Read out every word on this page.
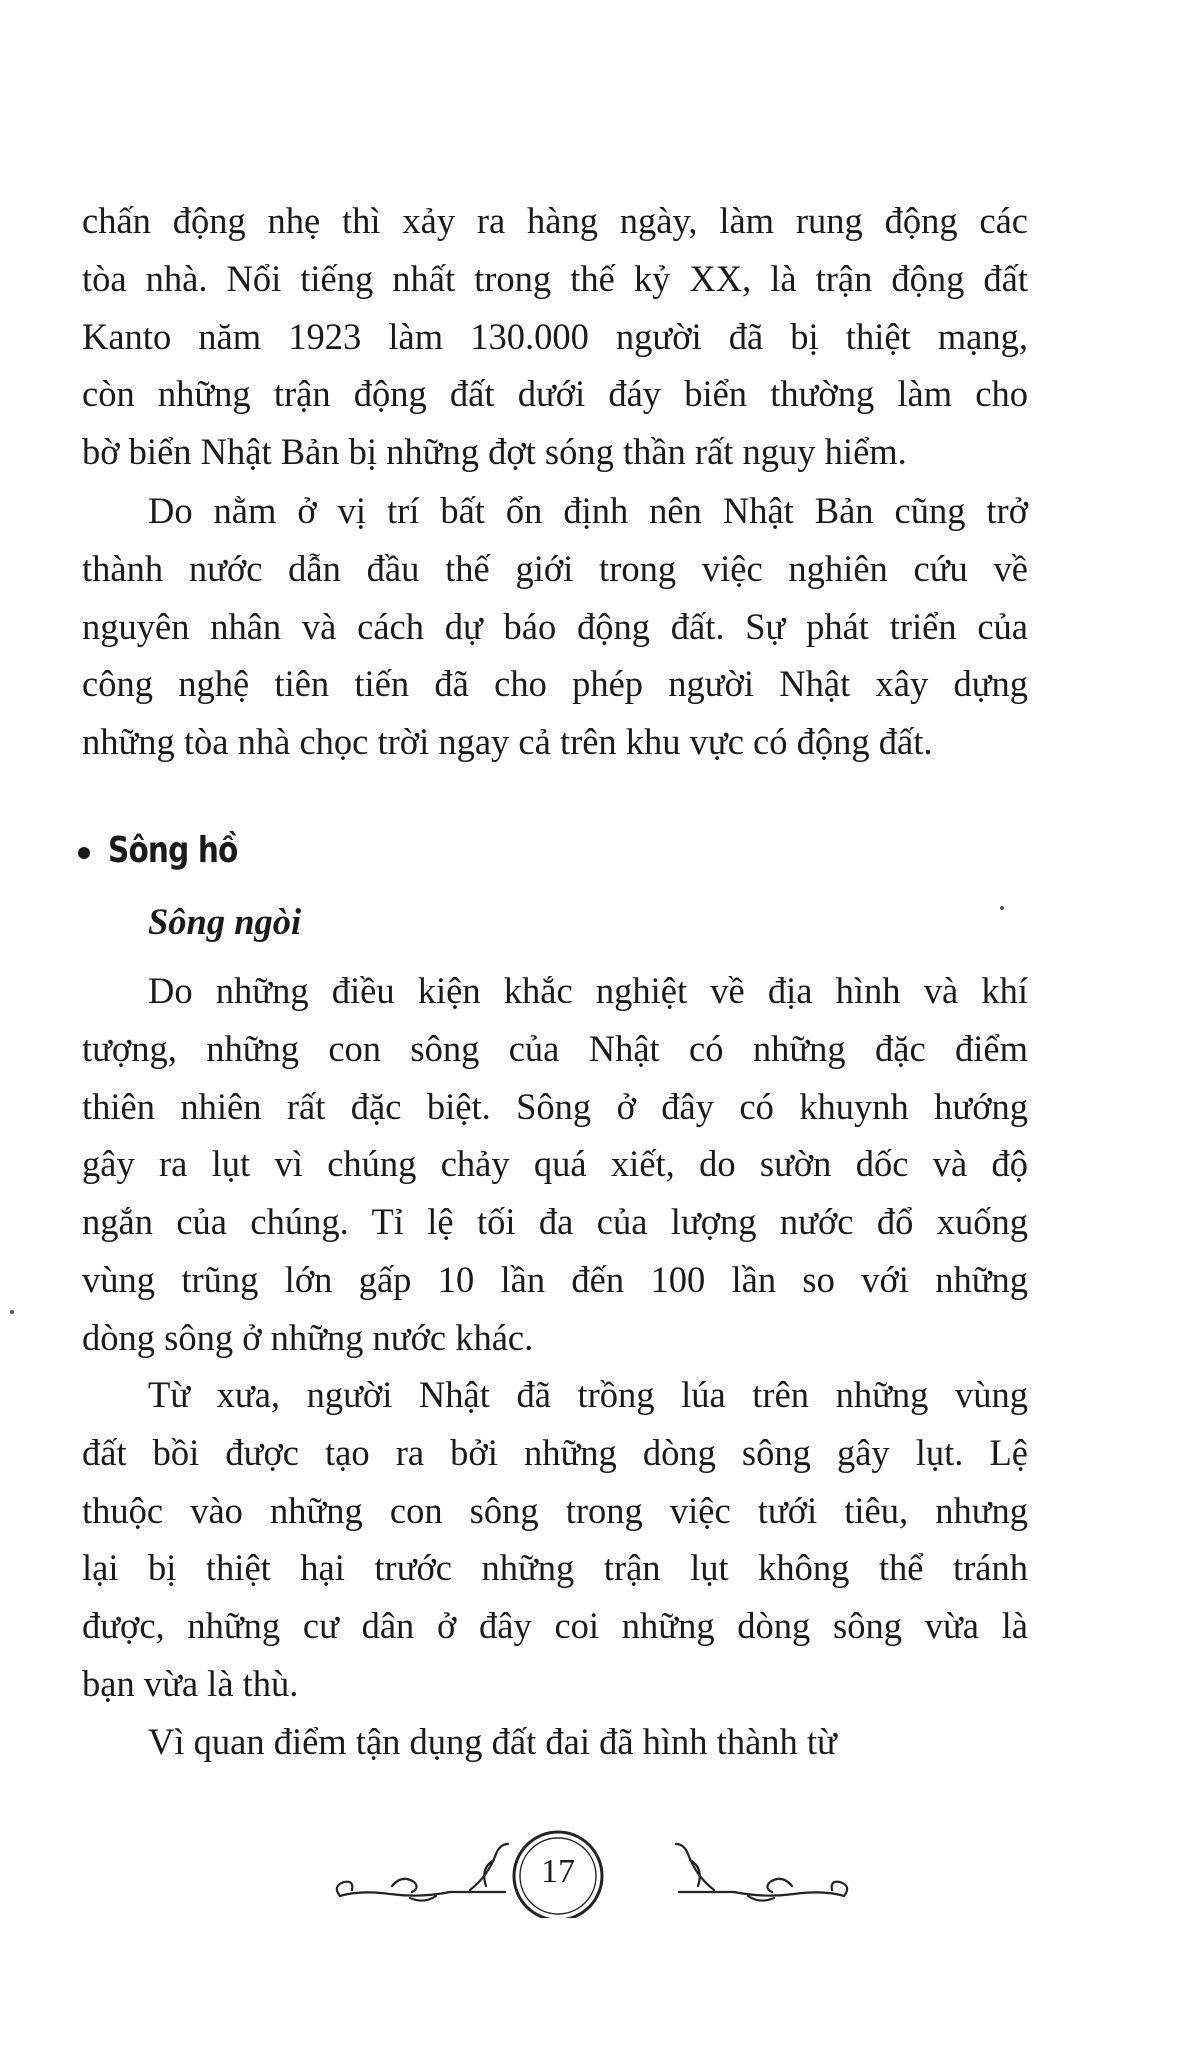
chấn động nhẹ thì xảy ra hàng ngày, làm rung động các
tòa nhà. Nổi tiếng nhất trong thế kỷ XX, là trận động đất
Kanto năm 1923 làm 130.000 người đã bị thiệt mạng,
còn những trận động đất dưới đáy biển thường làm cho
bờ biển Nhật Bản bị những đợt sóng thần rất nguy hiểm.
Do nằm ở vị trí bất ổn định nên Nhật Bản cũng trở
thành nước dẫn đầu thế giới trong việc nghiên cứu về
nguyên nhân và cách dự báo động đất. Sự phát triển của
công nghệ tiên tiến đã cho phép người Nhật xây dựng
những tòa nhà chọc trời ngay cả trên khu vực có động đất.
Sông hồ
Sông ngòi
Do những điều kiện khắc nghiệt về địa hình và khí
tượng, những con sông của Nhật có những đặc điểm
thiên nhiên rất đặc biệt. Sông ở đây có khuynh hướng
gây ra lụt vì chúng chảy quá xiết, do sườn dốc và độ
ngắn của chúng. Tỉ lệ tối đa của lượng nước đổ xuống
vùng trũng lớn gấp 10 lần đến 100 lần so với những
dòng sông ở những nước khác.
Từ xưa, người Nhật đã trồng lúa trên những vùng
đất bồi được tạo ra bởi những dòng sông gây lụt. Lệ
thuộc vào những con sông trong việc tưới tiêu, nhưng
lại bị thiệt hại trước những trận lụt không thể tránh
được, những cư dân ở đây coi những dòng sông vừa là
bạn vừa là thù.
Vì quan điểm tận dụng đất đai đã hình thành từ
17
